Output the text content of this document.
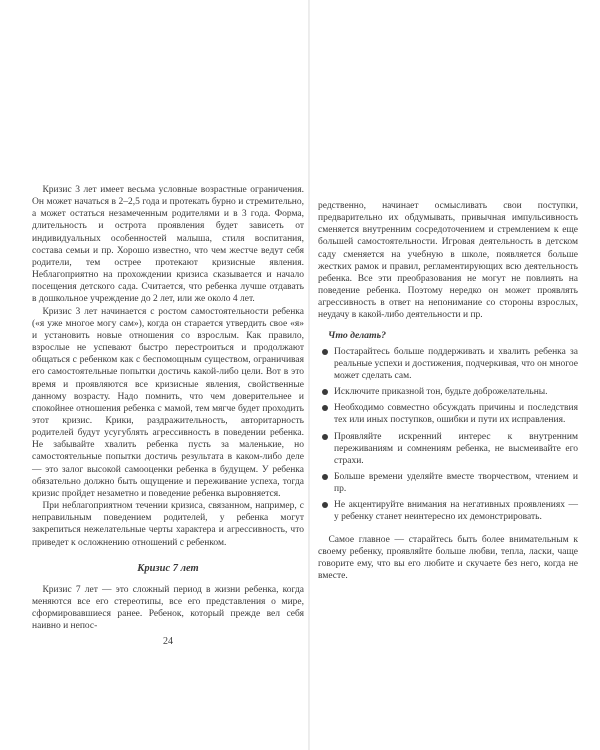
Кризис 3 лет имеет весьма условные возрастные ограничения. Он может начаться в 2–2,5 года и протекать бурно и стремительно, а может остаться незамеченным родителями и в 3 года. Форма, длительность и острота проявления будет зависеть от индивидуальных особенностей малыша, стиля воспитания, состава семьи и пр. Хорошо известно, что чем жестче ведут себя родители, тем острее протекают кризисные явления. Неблагоприятно на прохождении кризиса сказывается и начало посещения детского сада. Считается, что ребенка лучше отдавать в дошкольное учреждение до 2 лет, или же около 4 лет.

Кризис 3 лет начинается с ростом самостоятельности ребенка («я уже многое могу сам»), когда он старается утвердить свое «я» и установить новые отношения со взрослым. Как правило, взрослые не успевают быстро перестроиться и продолжают общаться с ребенком как с беспомощным существом, ограничивая его самостоятельные попытки достичь какой-либо цели. Вот в это время и проявляются все кризисные явления, свойственные данному возрасту. Надо помнить, что чем доверительнее и спокойнее отношения ребенка с мамой, тем мягче будет проходить этот кризис. Крики, раздражительность, авторитарность родителей будут усугублять агрессивность в поведении ребенка. Не забывайте хвалить ребенка пусть за маленькие, но самостоятельные попытки достичь результата в каком-либо деле — это залог высокой самооценки ребенка в будущем. У ребенка обязательно должно быть ощущение и переживание успеха, тогда кризис пройдет незаметно и поведение ребенка выровняется.

При неблагоприятном течении кризиса, связанном, например, с неправильным поведением родителей, у ребенка могут закрепиться нежелательные черты характера и агрессивность, что приведет к осложнению отношений с ребенком.

Кризис 7 лет

Кризис 7 лет — это сложный период в жизни ребенка, когда меняются все его стереотипы, все его представления о мире, сформировавшиеся ранее. Ребенок, который прежде вел себя наивно и непос-

24

редственно, начинает осмысливать свои поступки, предварительно их обдумывать, привычная импульсивность сменяется внутренним сосредоточением и стремлением к еще большей самостоятельности. Игровая деятельность в детском саду сменяется на учебную в школе, появляется больше жестких рамок и правил, регламентирующих всю деятельность ребенка. Все эти преобразования не могут не повлиять на поведение ребенка. Поэтому нередко он может проявлять агрессивность в ответ на непонимание со стороны взрослых, неудачу в какой-либо деятельности и пр.

Что делать?
Постарайтесь больше поддерживать и хвалить ребенка за реальные успехи и достижения, подчеркивая, что он многое может сделать сам.
Исключите приказной тон, будьте доброжелательны.
Необходимо совместно обсуждать причины и последствия тех или иных поступков, ошибки и пути их исправления.
Проявляйте искренний интерес к внутренним переживаниям и сомнениям ребенка, не высмеивайте его страхи.
Больше времени уделяйте вместе творчеством, чтением и пр.
Не акцентируйте внимания на негативных проявлениях — у ребенку станет неинтересно их демонстрировать.

Самое главное — старайтесь быть более внимательным к своему ребенку, проявляйте больше любви, тепла, ласки, чаще говорите ему, что вы его любите и скучаете без него, когда не вместе.
